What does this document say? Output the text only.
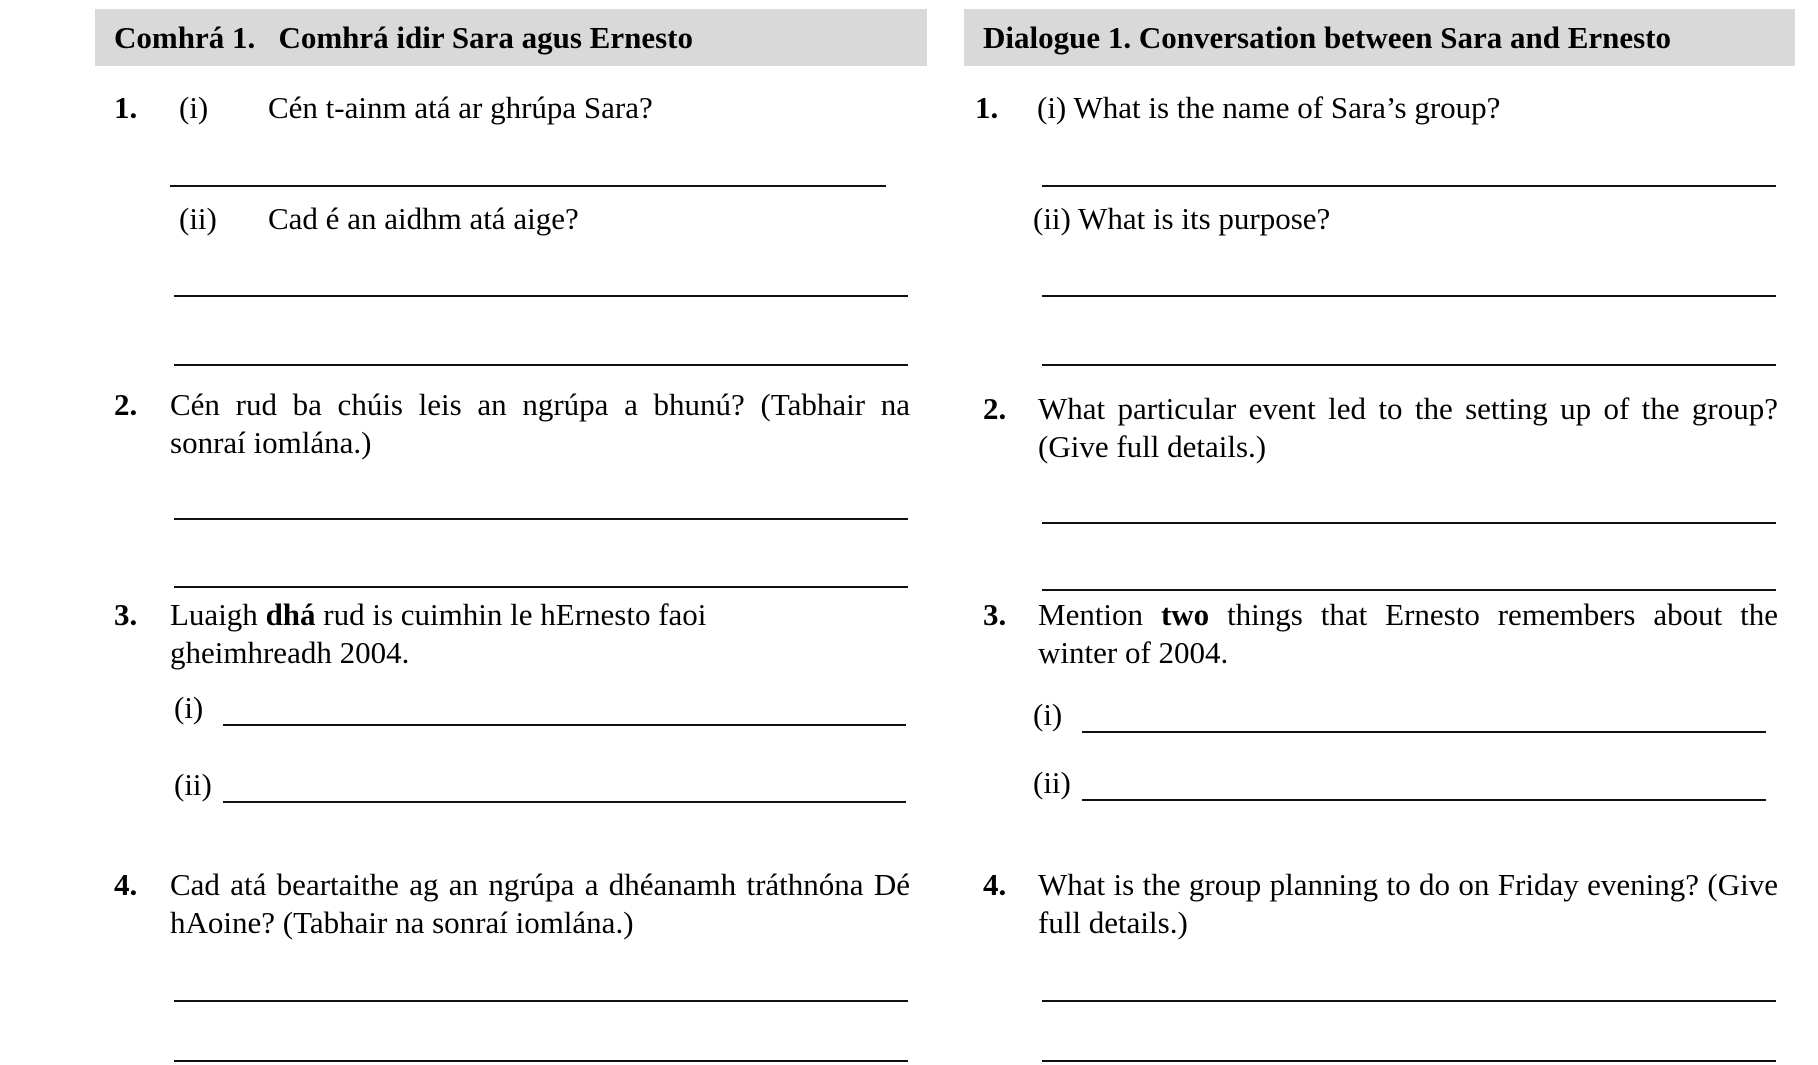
Comhrá 1.   Comhrá idir Sara agus Ernesto
1. (i) Cén t-ainm atá ar ghrúpa Sara?
(ii) Cad é an aidhm atá aige?
2. Cén rud ba chúis leis an ngrúpa a bhunú? (Tabhair na sonraí iomlána.)
3. Luaigh dhá rud is cuimhin le hErnesto faoi gheimhreadh 2004.
(i)
(ii)
4. Cad atá beartaithe ag an ngrúpa a dhéanamh tráthnóna Dé hAoine? (Tabhair na sonraí iomlána.)
Dialogue 1. Conversation between Sara and Ernesto
1. (i) What is the name of Sara’s group?
(ii) What is its purpose?
2. What particular event led to the setting up of the group? (Give full details.)
3. Mention two things that Ernesto remembers about the winter of 2004.
(i)
(ii)
4. What is the group planning to do on Friday evening? (Give full details.)
